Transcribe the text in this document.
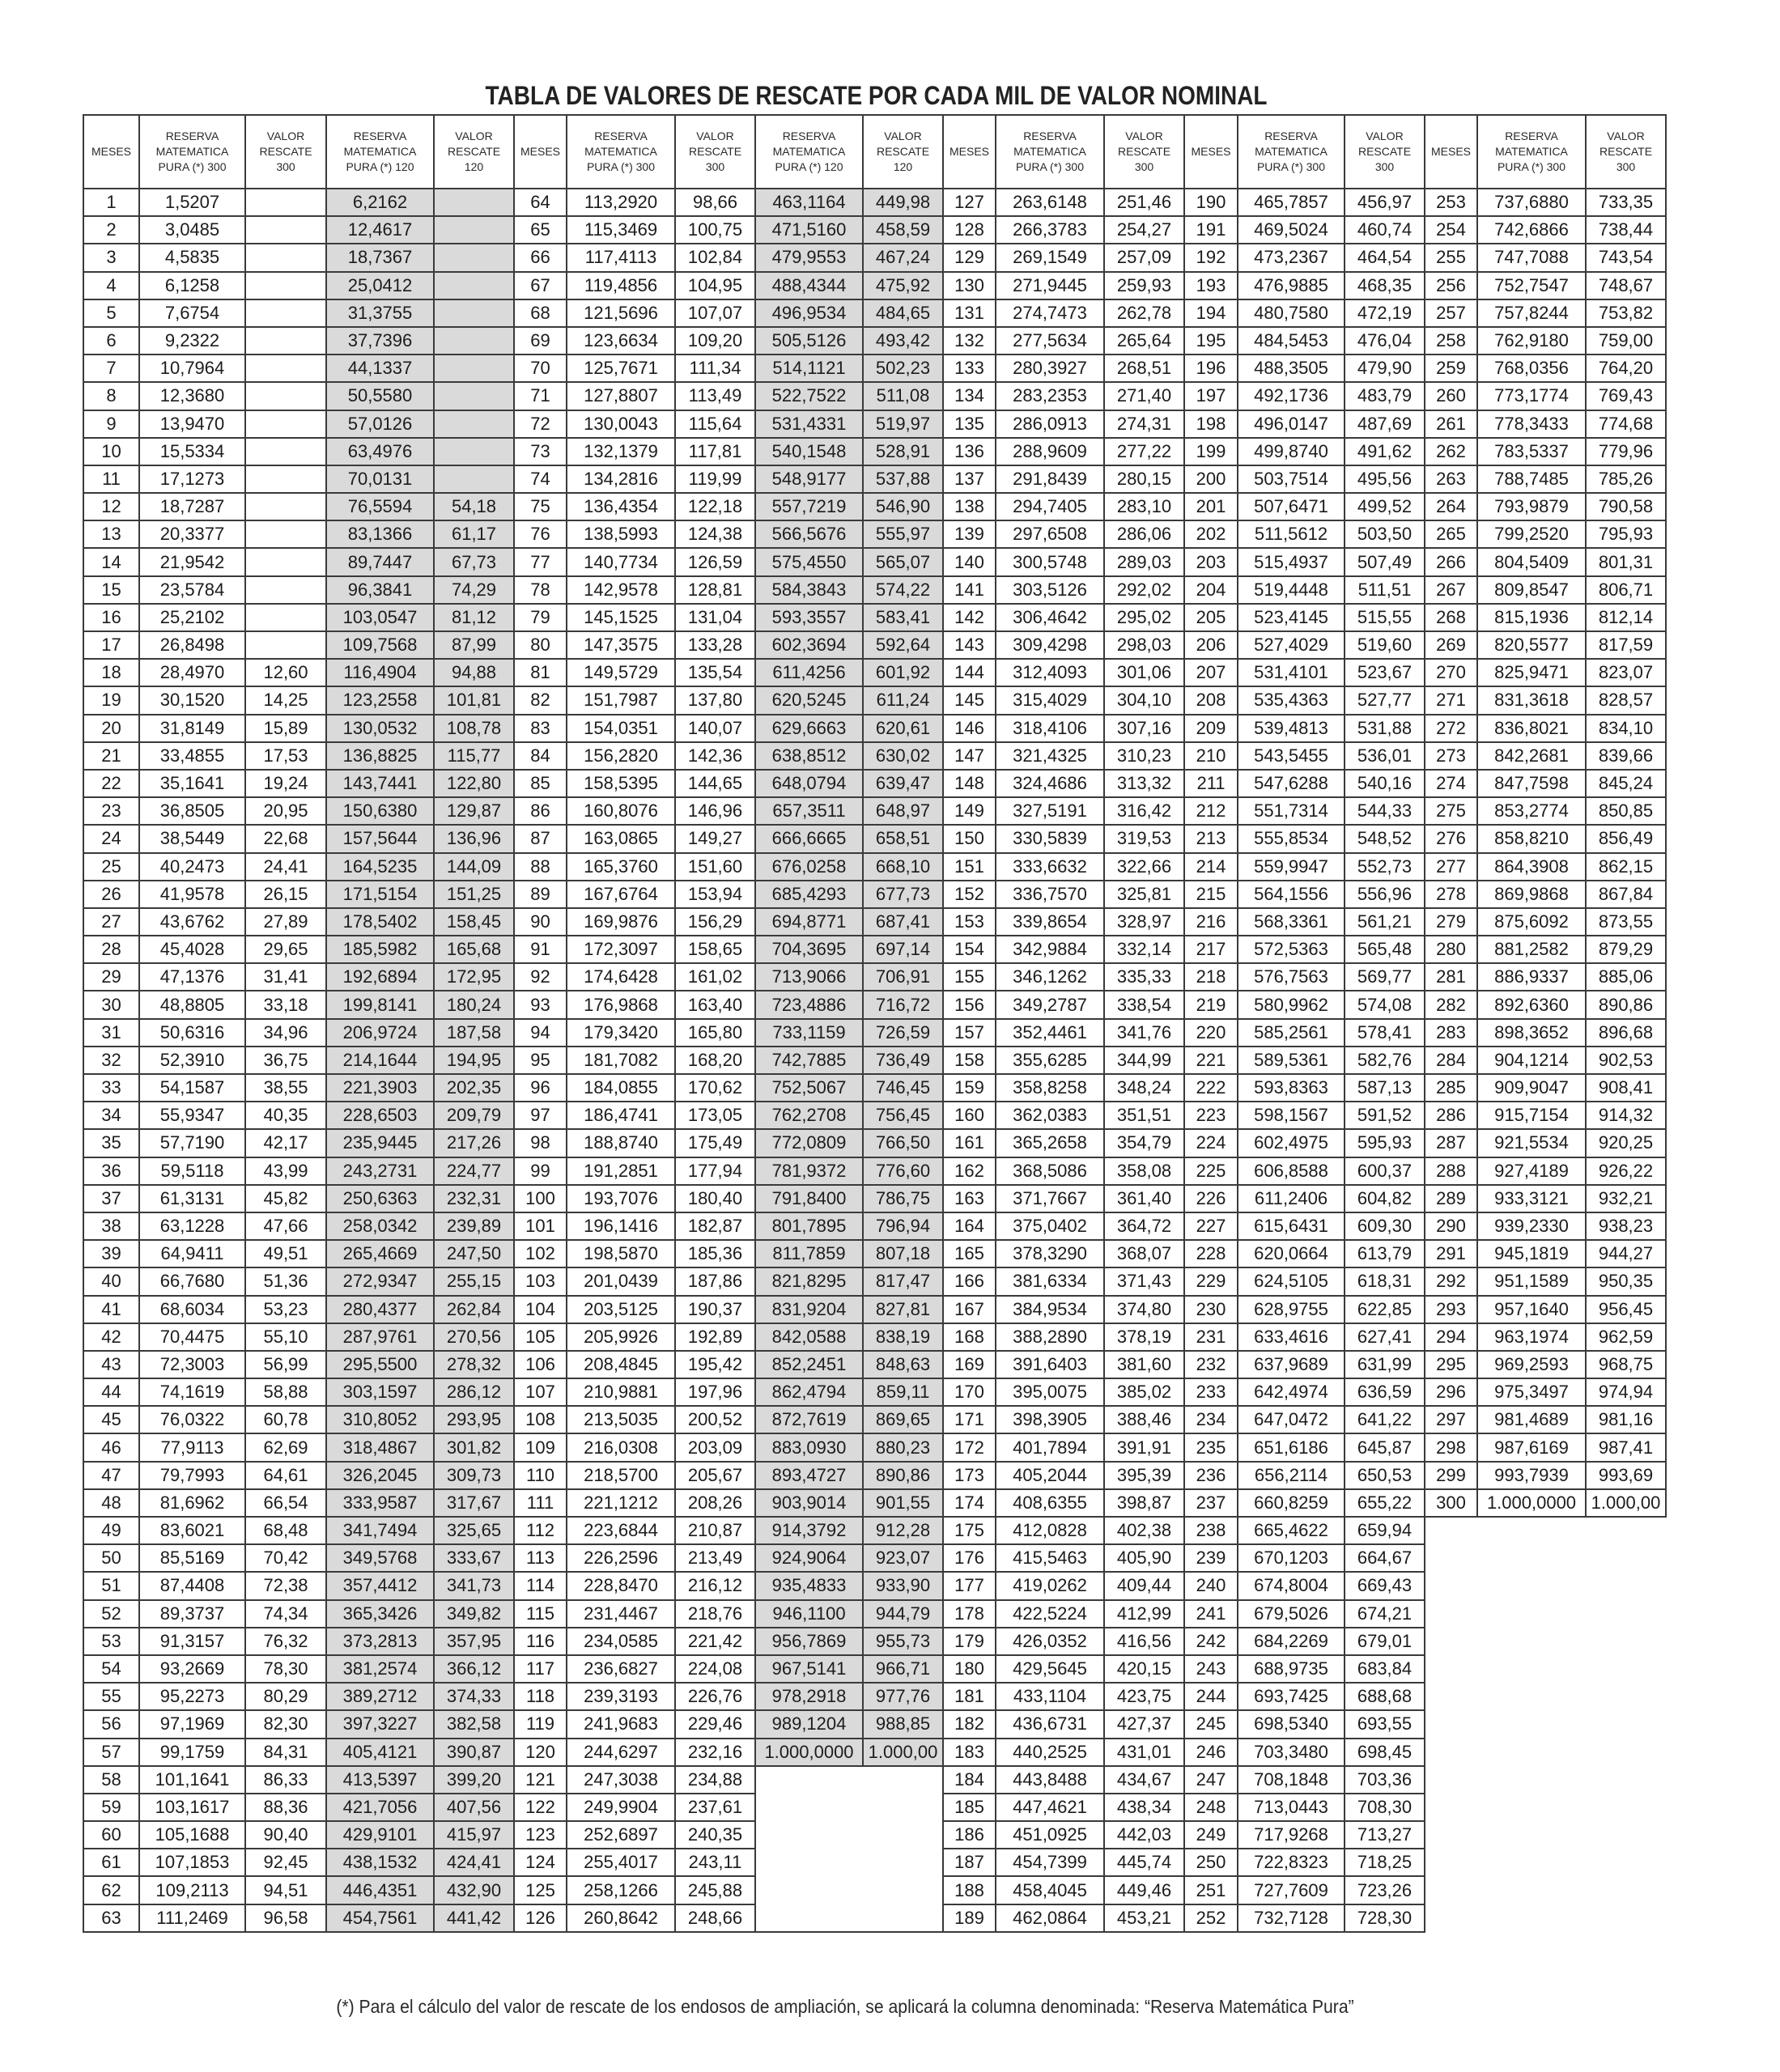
TABLA DE VALORES DE RESCATE POR CADA MIL DE VALOR NOMINAL
MESES	RESERVA
MATEMATICA
PURA (*) 300	VALOR
RESCATE
300	RESERVA
MATEMATICA
PURA (*) 120	VALOR
RESCATE
120	MESES	RESERVA
MATEMATICA
PURA (*) 300	VALOR
RESCATE
300	RESERVA
MATEMATICA
PURA (*) 120	VALOR
RESCATE
120	MESES	RESERVA
MATEMATICA
PURA (*) 300	VALOR
RESCATE
300	MESES	RESERVA
MATEMATICA
PURA (*) 300	VALOR
RESCATE
300	MESES	RESERVA
MATEMATICA
PURA (*) 300	VALOR
RESCATE
300
1	1,5207		6,2162		64	113,2920	98,66	463,1164	449,98	127	263,6148	251,46	190	465,7857	456,97	253	737,6880	733,35
2	3,0485		12,4617		65	115,3469	100,75	471,5160	458,59	128	266,3783	254,27	191	469,5024	460,74	254	742,6866	738,44
3	4,5835		18,7367		66	117,4113	102,84	479,9553	467,24	129	269,1549	257,09	192	473,2367	464,54	255	747,7088	743,54
4	6,1258		25,0412		67	119,4856	104,95	488,4344	475,92	130	271,9445	259,93	193	476,9885	468,35	256	752,7547	748,67
5	7,6754		31,3755		68	121,5696	107,07	496,9534	484,65	131	274,7473	262,78	194	480,7580	472,19	257	757,8244	753,82
6	9,2322		37,7396		69	123,6634	109,20	505,5126	493,42	132	277,5634	265,64	195	484,5453	476,04	258	762,9180	759,00
7	10,7964		44,1337		70	125,7671	111,34	514,1121	502,23	133	280,3927	268,51	196	488,3505	479,90	259	768,0356	764,20
8	12,3680		50,5580		71	127,8807	113,49	522,7522	511,08	134	283,2353	271,40	197	492,1736	483,79	260	773,1774	769,43
9	13,9470		57,0126		72	130,0043	115,64	531,4331	519,97	135	286,0913	274,31	198	496,0147	487,69	261	778,3433	774,68
10	15,5334		63,4976		73	132,1379	117,81	540,1548	528,91	136	288,9609	277,22	199	499,8740	491,62	262	783,5337	779,96
11	17,1273		70,0131		74	134,2816	119,99	548,9177	537,88	137	291,8439	280,15	200	503,7514	495,56	263	788,7485	785,26
12	18,7287		76,5594	54,18	75	136,4354	122,18	557,7219	546,90	138	294,7405	283,10	201	507,6471	499,52	264	793,9879	790,58
13	20,3377		83,1366	61,17	76	138,5993	124,38	566,5676	555,97	139	297,6508	286,06	202	511,5612	503,50	265	799,2520	795,93
14	21,9542		89,7447	67,73	77	140,7734	126,59	575,4550	565,07	140	300,5748	289,03	203	515,4937	507,49	266	804,5409	801,31
15	23,5784		96,3841	74,29	78	142,9578	128,81	584,3843	574,22	141	303,5126	292,02	204	519,4448	511,51	267	809,8547	806,71
16	25,2102		103,0547	81,12	79	145,1525	131,04	593,3557	583,41	142	306,4642	295,02	205	523,4145	515,55	268	815,1936	812,14
17	26,8498		109,7568	87,99	80	147,3575	133,28	602,3694	592,64	143	309,4298	298,03	206	527,4029	519,60	269	820,5577	817,59
18	28,4970	12,60	116,4904	94,88	81	149,5729	135,54	611,4256	601,92	144	312,4093	301,06	207	531,4101	523,67	270	825,9471	823,07
19	30,1520	14,25	123,2558	101,81	82	151,7987	137,80	620,5245	611,24	145	315,4029	304,10	208	535,4363	527,77	271	831,3618	828,57
20	31,8149	15,89	130,0532	108,78	83	154,0351	140,07	629,6663	620,61	146	318,4106	307,16	209	539,4813	531,88	272	836,8021	834,10
21	33,4855	17,53	136,8825	115,77	84	156,2820	142,36	638,8512	630,02	147	321,4325	310,23	210	543,5455	536,01	273	842,2681	839,66
22	35,1641	19,24	143,7441	122,80	85	158,5395	144,65	648,0794	639,47	148	324,4686	313,32	211	547,6288	540,16	274	847,7598	845,24
23	36,8505	20,95	150,6380	129,87	86	160,8076	146,96	657,3511	648,97	149	327,5191	316,42	212	551,7314	544,33	275	853,2774	850,85
24	38,5449	22,68	157,5644	136,96	87	163,0865	149,27	666,6665	658,51	150	330,5839	319,53	213	555,8534	548,52	276	858,8210	856,49
25	40,2473	24,41	164,5235	144,09	88	165,3760	151,60	676,0258	668,10	151	333,6632	322,66	214	559,9947	552,73	277	864,3908	862,15
26	41,9578	26,15	171,5154	151,25	89	167,6764	153,94	685,4293	677,73	152	336,7570	325,81	215	564,1556	556,96	278	869,9868	867,84
27	43,6762	27,89	178,5402	158,45	90	169,9876	156,29	694,8771	687,41	153	339,8654	328,97	216	568,3361	561,21	279	875,6092	873,55
28	45,4028	29,65	185,5982	165,68	91	172,3097	158,65	704,3695	697,14	154	342,9884	332,14	217	572,5363	565,48	280	881,2582	879,29
29	47,1376	31,41	192,6894	172,95	92	174,6428	161,02	713,9066	706,91	155	346,1262	335,33	218	576,7563	569,77	281	886,9337	885,06
30	48,8805	33,18	199,8141	180,24	93	176,9868	163,40	723,4886	716,72	156	349,2787	338,54	219	580,9962	574,08	282	892,6360	890,86
31	50,6316	34,96	206,9724	187,58	94	179,3420	165,80	733,1159	726,59	157	352,4461	341,76	220	585,2561	578,41	283	898,3652	896,68
32	52,3910	36,75	214,1644	194,95	95	181,7082	168,20	742,7885	736,49	158	355,6285	344,99	221	589,5361	582,76	284	904,1214	902,53
33	54,1587	38,55	221,3903	202,35	96	184,0855	170,62	752,5067	746,45	159	358,8258	348,24	222	593,8363	587,13	285	909,9047	908,41
34	55,9347	40,35	228,6503	209,79	97	186,4741	173,05	762,2708	756,45	160	362,0383	351,51	223	598,1567	591,52	286	915,7154	914,32
35	57,7190	42,17	235,9445	217,26	98	188,8740	175,49	772,0809	766,50	161	365,2658	354,79	224	602,4975	595,93	287	921,5534	920,25
36	59,5118	43,99	243,2731	224,77	99	191,2851	177,94	781,9372	776,60	162	368,5086	358,08	225	606,8588	600,37	288	927,4189	926,22
37	61,3131	45,82	250,6363	232,31	100	193,7076	180,40	791,8400	786,75	163	371,7667	361,40	226	611,2406	604,82	289	933,3121	932,21
38	63,1228	47,66	258,0342	239,89	101	196,1416	182,87	801,7895	796,94	164	375,0402	364,72	227	615,6431	609,30	290	939,2330	938,23
39	64,9411	49,51	265,4669	247,50	102	198,5870	185,36	811,7859	807,18	165	378,3290	368,07	228	620,0664	613,79	291	945,1819	944,27
40	66,7680	51,36	272,9347	255,15	103	201,0439	187,86	821,8295	817,47	166	381,6334	371,43	229	624,5105	618,31	292	951,1589	950,35
41	68,6034	53,23	280,4377	262,84	104	203,5125	190,37	831,9204	827,81	167	384,9534	374,80	230	628,9755	622,85	293	957,1640	956,45
42	70,4475	55,10	287,9761	270,56	105	205,9926	192,89	842,0588	838,19	168	388,2890	378,19	231	633,4616	627,41	294	963,1974	962,59
43	72,3003	56,99	295,5500	278,32	106	208,4845	195,42	852,2451	848,63	169	391,6403	381,60	232	637,9689	631,99	295	969,2593	968,75
44	74,1619	58,88	303,1597	286,12	107	210,9881	197,96	862,4794	859,11	170	395,0075	385,02	233	642,4974	636,59	296	975,3497	974,94
45	76,0322	60,78	310,8052	293,95	108	213,5035	200,52	872,7619	869,65	171	398,3905	388,46	234	647,0472	641,22	297	981,4689	981,16
46	77,9113	62,69	318,4867	301,82	109	216,0308	203,09	883,0930	880,23	172	401,7894	391,91	235	651,6186	645,87	298	987,6169	987,41
47	79,7993	64,61	326,2045	309,73	110	218,5700	205,67	893,4727	890,86	173	405,2044	395,39	236	656,2114	650,53	299	993,7939	993,69
48	81,6962	66,54	333,9587	317,67	111	221,1212	208,26	903,9014	901,55	174	408,6355	398,87	237	660,8259	655,22	300	1.000,0000	1.000,00
49	83,6021	68,48	341,7494	325,65	112	223,6844	210,87	914,3792	912,28	175	412,0828	402,38	238	665,4622	659,94			
50	85,5169	70,42	349,5768	333,67	113	226,2596	213,49	924,9064	923,07	176	415,5463	405,90	239	670,1203	664,67			
51	87,4408	72,38	357,4412	341,73	114	228,8470	216,12	935,4833	933,90	177	419,0262	409,44	240	674,8004	669,43			
52	89,3737	74,34	365,3426	349,82	115	231,4467	218,76	946,1100	944,79	178	422,5224	412,99	241	679,5026	674,21			
53	91,3157	76,32	373,2813	357,95	116	234,0585	221,42	956,7869	955,73	179	426,0352	416,56	242	684,2269	679,01			
54	93,2669	78,30	381,2574	366,12	117	236,6827	224,08	967,5141	966,71	180	429,5645	420,15	243	688,9735	683,84			
55	95,2273	80,29	389,2712	374,33	118	239,3193	226,76	978,2918	977,76	181	433,1104	423,75	244	693,7425	688,68			
56	97,1969	82,30	397,3227	382,58	119	241,9683	229,46	989,1204	988,85	182	436,6731	427,37	245	698,5340	693,55			
57	99,1759	84,31	405,4121	390,87	120	244,6297	232,16	1.000,0000	1.000,00	183	440,2525	431,01	246	703,3480	698,45			
58	101,1641	86,33	413,5397	399,20	121	247,3038	234,88			184	443,8488	434,67	247	708,1848	703,36			
59	103,1617	88,36	421,7056	407,56	122	249,9904	237,61			185	447,4621	438,34	248	713,0443	708,30			
60	105,1688	90,40	429,9101	415,97	123	252,6897	240,35			186	451,0925	442,03	249	717,9268	713,27			
61	107,1853	92,45	438,1532	424,41	124	255,4017	243,11			187	454,7399	445,74	250	722,8323	718,25			
62	109,2113	94,51	446,4351	432,90	125	258,1266	245,88			188	458,4045	449,46	251	727,7609	723,26			
63	111,2469	96,58	454,7561	441,42	126	260,8642	248,66			189	462,0864	453,21	252	732,7128	728,30			
(*) Para el cálculo del valor de rescate de los endosos de ampliación, se aplicará la columna denominada: “Reserva Matemática Pura”
